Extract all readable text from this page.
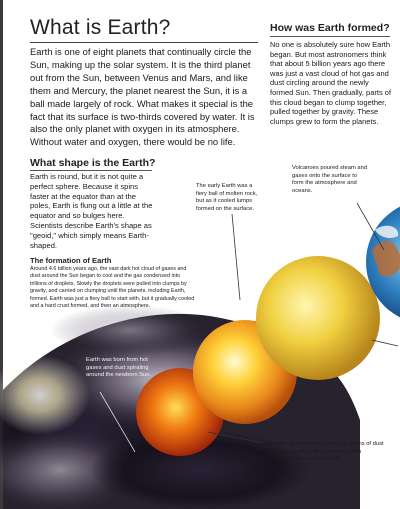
What is Earth?
Earth is one of eight planets that continually circle the Sun, making up the solar system. It is the third planet out from the Sun, between Venus and Mars, and like them and Mercury, the planet nearest the Sun, it is a ball made largely of rock. What makes it special is the fact that its surface is two-thirds covered by water. It is also the only planet with oxygen in its atmosphere. Without water and oxygen, there would be no life.
How was Earth formed?
No one is absolutely sure how Earth began. But most astronomers think that about 5 billion years ago there was just a vast cloud of hot gas and dust circling around the newly formed Sun. Then gradually, parts of this cloud began to clump together, pulled together by gravity. These clumps grew to form the planets.
What shape is the Earth?
Earth is round, but it is not quite a perfect sphere. Because it spins faster at the equator than at the poles, Earth is flung out a little at the equator and so bulges here. Scientists describe Earth's shape as "geoid," which simply means Earth-shaped.
The formation of Earth
Around 4.6 billion years ago, the vast dark hot cloud of gases and dust around the Sun began to cool and the gas condensed into trillions of droplets. Slowly the droplets were pulled into clumps by gravity, and carried on clumping until the planets, including Earth, formed. Earth was just a fiery ball to start with, but it gradually cooled and a hard crust formed, and then an atmosphere.
The early Earth was a fiery ball of molten rock, but as it cooled lumps formed on the surface.
Volcanoes poured steam and gases onto the surface to form the atmosphere and oceans.
Earth was born from hot gases and dust spiraling around the newborn Sun.
As more and more droplets and grains of dust clumped together, the newborn Earth congealed into a red hot ball.
